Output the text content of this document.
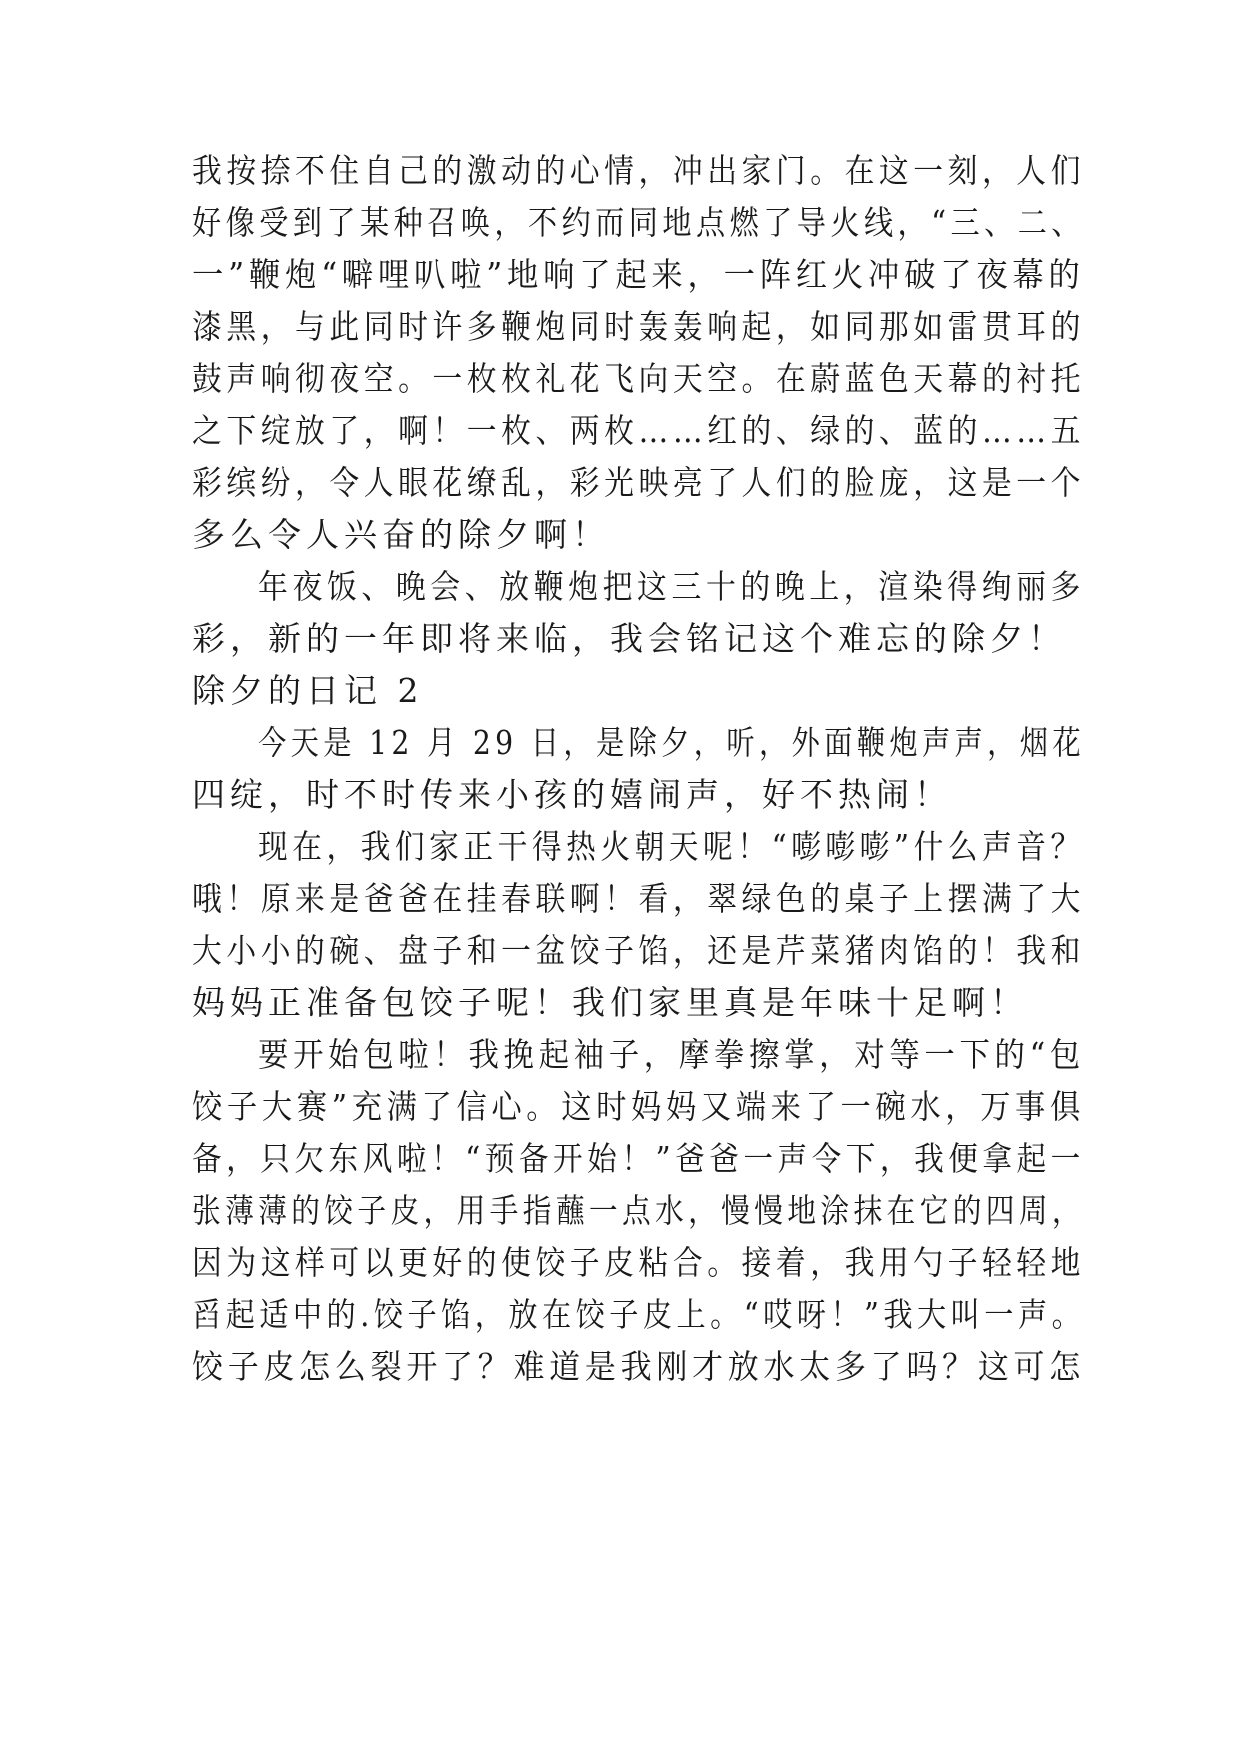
我按捺不住自己的激动的心情，冲出家门。在这一刻，人们
好像受到了某种召唤，不约而同地点燃了导火线，“三、二、
一”鞭炮“噼哩叭啦”地响了起来，一阵红火冲破了夜幕的
漆黑，与此同时许多鞭炮同时轰轰响起，如同那如雷贯耳的
鼓声响彻夜空。一枚枚礼花飞向天空。在蔚蓝色天幕的衬托
之下绽放了，啊！一枚、两枚……红的、绿的、蓝的……五
彩缤纷，令人眼花缭乱，彩光映亮了人们的脸庞，这是一个
多么令人兴奋的除夕啊！
年夜饭、晚会、放鞭炮把这三十的晚上，渲染得绚丽多
彩，新的一年即将来临，我会铭记这个难忘的除夕！
除夕的日记 2
今天是 12 月 29 日，是除夕，听，外面鞭炮声声，烟花
四绽，时不时传来小孩的嬉闹声，好不热闹！
现在，我们家正干得热火朝天呢！“嘭嘭嘭”什么声音？
哦！原来是爸爸在挂春联啊！看，翠绿色的桌子上摆满了大
大小小的碗、盘子和一盆饺子馅，还是芹菜猪肉馅的！我和
妈妈正准备包饺子呢！我们家里真是年味十足啊！
要开始包啦！我挽起袖子，摩拳擦掌，对等一下的“包
饺子大赛”充满了信心。这时妈妈又端来了一碗水，万事俱
备，只欠东风啦！“预备开始！”爸爸一声令下，我便拿起一
张薄薄的饺子皮，用手指蘸一点水，慢慢地涂抹在它的四周，
因为这样可以更好的使饺子皮粘合。接着，我用勺子轻轻地
舀起适中的.饺子馅，放在饺子皮上。“哎呀！”我大叫一声。
饺子皮怎么裂开了？难道是我刚才放水太多了吗？这可怎
